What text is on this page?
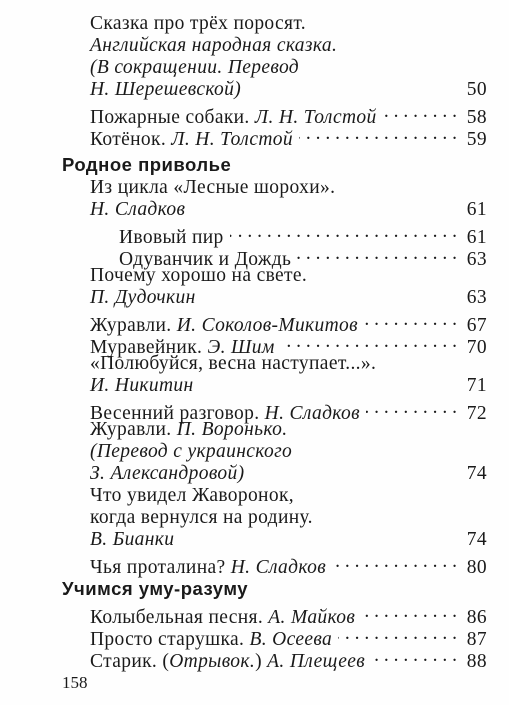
Сказка про трёх поросят.
Английская народная сказка.
(В сокращении. Перевод
Н. Шерешевской)	50
Пожарные собаки. Л. Н. Толстой . . .	58
Котёнок. Л. Н. Толстой . . .	59
Родное приволье
Из цикла «Лесные шорохи».
Н. Сладков	61
Ивовый пир . . .	61
Одуванчик и Дождь . . .	63
Почему хорошо на свете.
П. Дудочкин	63
Журавли. И. Соколов-Микитов . . .	67
Муравейник. Э. Шим . . .	70
«Полюбуйся, весна наступает...».
И. Никитин	71
Весенний разговор. Н. Сладков . . .	72
Журавли. П. Воронько.
(Перевод с украинского
З. Александровой)	74
Что увидел Жаворонок,
когда вернулся на родину.
В. Бианки	74
Чья проталина? Н. Сладков . . .	80
Учимся уму-разуму
Колыбельная песня. А. Майков . . .	86
Просто старушка. В. Осеева . . .	87
Старик. (Отрывок.) А. Плещеев . . .	88
158
